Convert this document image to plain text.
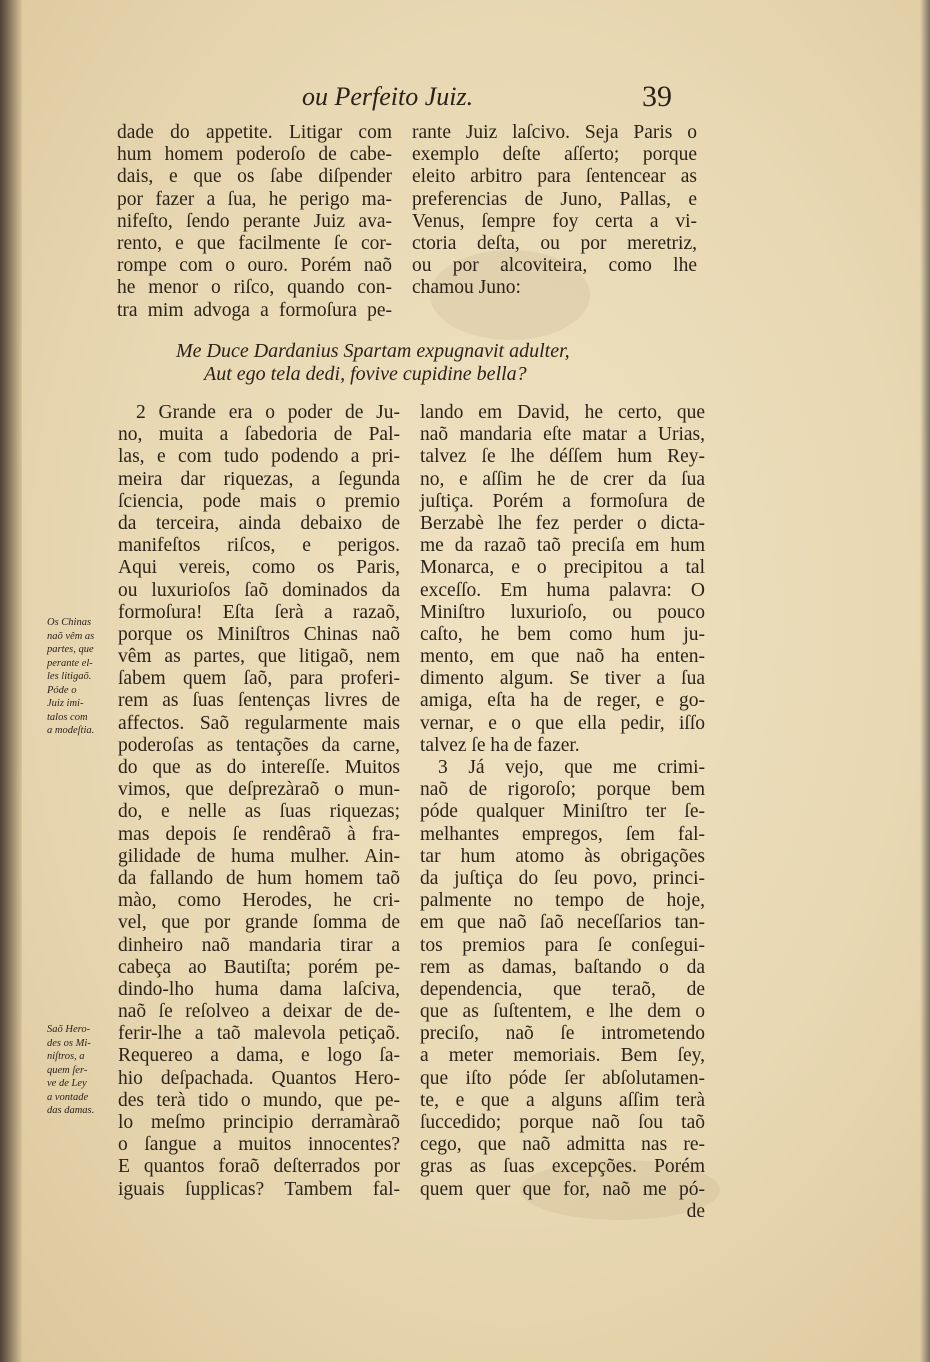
ou Perfeito Juiz.	39
dade do appetite. Litigar com
hum homem poderoſo de cabe-
dais, e que os ſabe diſpender
por fazer a ſua, he perigo ma-
nifeſto, ſendo perante Juiz ava-
rento, e que facilmente ſe cor-
rompe com o ouro. Porém naõ
he menor o riſco, quando con-
tra mim advoga a formoſura pe-
rante Juiz laſcivo. Seja Paris o
exemplo deſte aſſerto; porque
eleito arbitro para ſentencear as
preferencias de Juno, Pallas, e
Venus, ſempre foy certa a vi-
ctoria deſta, ou por meretriz,
ou por alcoviteira, como lhe
chamou Juno:
Me Duce Dardanius Spartam expugnavit adulter,
Aut ego tela dedi, fovive cupidine bella?
Os Chinas
naõ vêm as
partes, que
perante el-
les litigaõ.
Póde o
Juiz imi-
talos com
a modeſtia.
Saõ Hero-
des os Mi-
niſtros, a
quem ſer-
ve de Ley
a vontade
das damas.
2 Grande era o poder de Ju-
no, muita a ſabedoria de Pal-
las, e com tudo podendo a pri-
meira dar riquezas, a ſegunda
ſciencia, pode mais o premio
da terceira, ainda debaixo de
manifeſtos riſcos, e perigos.
Aqui vereis, como os Paris,
ou luxurioſos ſaõ dominados da
formoſura! Eſta ſerà a razaõ,
porque os Miniſtros Chinas naõ
vêm as partes, que litigaõ, nem
ſabem quem ſaõ, para proferi-
rem as ſuas ſentenças livres de
affectos. Saõ regularmente mais
poderoſas as tentações da carne,
do que as do intereſſe. Muitos
vimos, que deſprezàraõ o mun-
do, e nelle as ſuas riquezas;
mas depois ſe rendêraõ à fra-
gilidade de huma mulher. Ain-
da fallando de hum homem taõ
mào, como Herodes, he cri-
vel, que por grande ſomma de
dinheiro naõ mandaria tirar a
cabeça ao Bautiſta; porém pe-
dindo-lho huma dama laſciva,
naõ ſe reſolveo a deixar de de-
ferir-lhe a taõ malevola petiçaõ.
Requereo a dama, e logo ſa-
hio deſpachada. Quantos Hero-
des terà tido o mundo, que pe-
lo meſmo principio derramàraõ
o ſangue a muitos innocentes?
E quantos foraõ deſterrados por
iguais ſupplicas? Tambem fal-
lando em David, he certo, que
naõ mandaria eſte matar a Urias,
talvez ſe lhe déſſem hum Rey-
no, e aſſim he de crer da ſua
juſtiça. Porém a formoſura de
Berzabè lhe fez perder o dicta-
me da razaõ taõ preciſa em hum
Monarca, e o precipitou a tal
exceſſo. Em huma palavra: O
Miniſtro luxurioſo, ou pouco
caſto, he bem como hum ju-
mento, em que naõ ha enten-
dimento algum. Se tiver a ſua
amiga, eſta ha de reger, e go-
vernar, e o que ella pedir, iſſo
talvez ſe ha de fazer.
3 Já vejo, que me crimi-
naõ de rigoroſo; porque bem
póde qualquer Miniſtro ter ſe-
melhantes empregos, ſem fal-
tar hum atomo às obrigações
da juſtiça do ſeu povo, princi-
palmente no tempo de hoje,
em que naõ ſaõ neceſſarios tan-
tos premios para ſe conſegui-
rem as damas, baſtando o da
dependencia, que teraõ, de
que as ſuſtentem, e lhe dem o
preciſo, naõ ſe intrometendo
a meter memoriais. Bem ſey,
que iſto póde ſer abſolutamen-
te, e que a alguns aſſim terà
ſuccedido; porque naõ ſou taõ
cego, que naõ admitta nas re-
gras as ſuas excepções. Porém
quem quer que for, naõ me pó-
de
